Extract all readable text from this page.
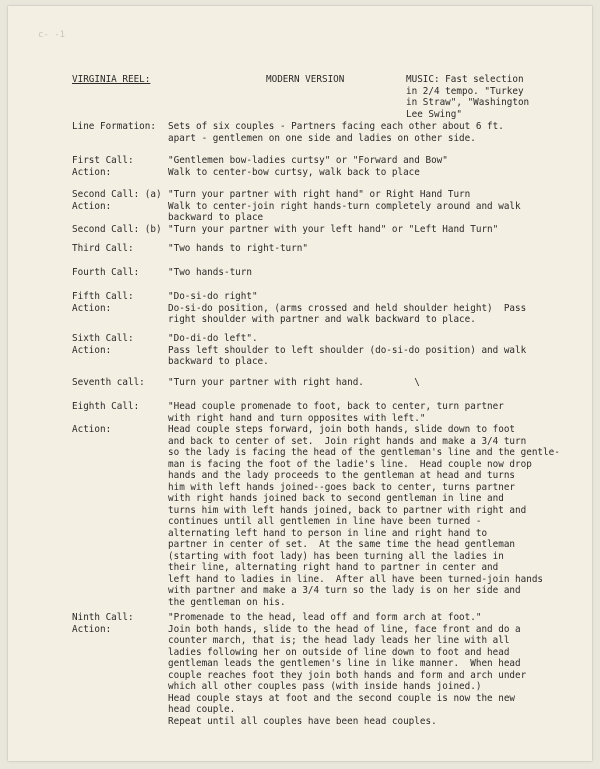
c- -1
VIRGINIA REEL:	MODERN VERSION	MUSIC: Fast selection
in 2/4 tempo. "Turkey
in Straw", "Washington
Lee Swing"
Line Formation: Sets of six couples - Partners facing each other about 6 ft.
apart - gentlemen on one side and ladies on other side.
First Call:	"Gentlemen bow-ladies curtsy" or "Forward and Bow"
Action:	Walk to center-bow curtsy, walk back to place
Second Call: (a) "Turn your partner with right hand" or Right Hand Turn
Action:	Walk to center-join right hands-turn completely around and walk
backward to place
Second Call: (b) "Turn your partner with your left hand" or "Left Hand Turn"
Third Call:	"Two hands to right-turn"
Fourth Call:	"Two hands-turn
Fifth Call:	"Do-si-do right"
Action:	Do-si-do position, (arms crossed and held shoulder height)  Pass
right shoulder with partner and walk backward to place.
Sixth Call:	"Do-di-do left".
Action:	Pass left shoulder to left shoulder (do-si-do position) and walk
backward to place.
Seventh call: "Turn your partner with right hand.         \
Eighth Call:	"Head couple promenade to foot, back to center, turn partner
with right hand and turn opposites with left."
Action:	Head couple steps forward, join both hands, slide down to foot
and back to center of set.  Join right hands and make a 3/4 turn
so the lady is facing the head of the gentleman's line and the gentle-
man is facing the foot of the ladie's line.  Head couple now drop
hands and the lady proceeds to the gentleman at head and turns
him with left hands joined--goes back to center, turns partner
with right hands joined back to second gentleman in line and
turns him with left hands joined, back to partner with right and
continues until all gentlemen in line have been turned -
alternating left hand to person in line and right hand to
partner in center of set.  At the same time the head gentleman
(starting with foot lady) has been turning all the ladies in
their line, alternating right hand to partner in center and
left hand to ladies in line.  After all have been turned-join hands
with partner and make a 3/4 turn so the lady is on her side and
the gentleman on his.
Ninth Call:	"Promenade to the head, lead off and form arch at foot."
Action:	Join both hands, slide to the head of line, face front and do a
counter march, that is; the head lady leads her line with all
ladies following her on outside of line down to foot and head
gentleman leads the gentlemen's line in like manner.  When head
couple reaches foot they join both hands and form and arch under
which all other couples pass (with inside hands joined.)
Head couple stays at foot and the second couple is now the new
head couple.
Repeat until all couples have been head couples.
